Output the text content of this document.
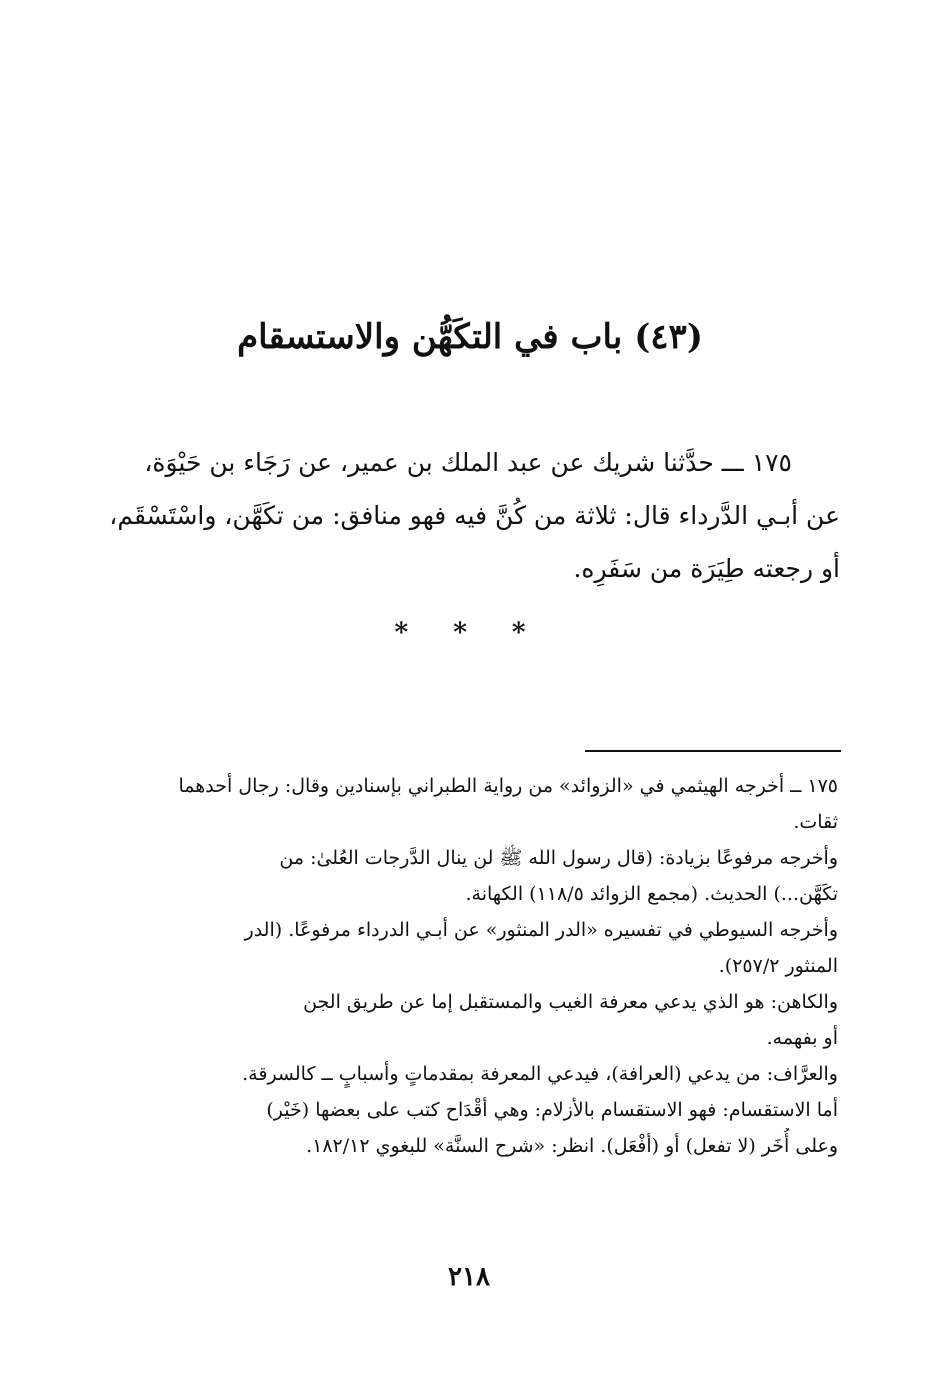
(٤٣) باب في التكَهُّن والاستسقام
١٧٥ ـــ حدَّثنا شريك عن عبد الملك بن عمير، عن رَجَاء بن حَيْوَة،
عن أبـي الدَّرداء قال: ثلاثة من كُنَّ فيه فهو منافق: من تكَهَّن، واسْتَسْقَم،
أو رجعته طِيَرَة من سَفَرِه.
* * *
١٧٥ ــ أخرجه الهيثمي في «الزوائد» من رواية الطبراني بإسنادين وقال: رجال أحدهما
ثقات.
وأخرجه مرفوعًا بزيادة: (قال رسول الله ﷺ لن ينال الدَّرجات العُلىٰ: من
تكَهَّن...) الحديث. (مجمع الزوائد ١١٨/٥) الكهانة.
وأخرجه السيوطي في تفسيره «الدر المنثور» عن أبـي الدرداء مرفوعًا. (الدر
المنثور ٢٥٧/٢).
والكاهن: هو الذي يدعي معرفة الغيب والمستقبل إما عن طريق الجن
أو بفهمه.
والعرَّاف: من يدعي (العرافة)، فيدعي المعرفة بمقدماتٍ وأسبابٍ ــ كالسرقة.
أما الاستقسام: فهو الاستقسام بالأزلام: وهي أقْدَاح كتب على بعضها (خَيْر)
وعلى أُخَر (لا تفعل) أو (أفْعَل). انظر: «شرح السنَّة» للبغوي ١٨٢/١٢.
٢١٨
